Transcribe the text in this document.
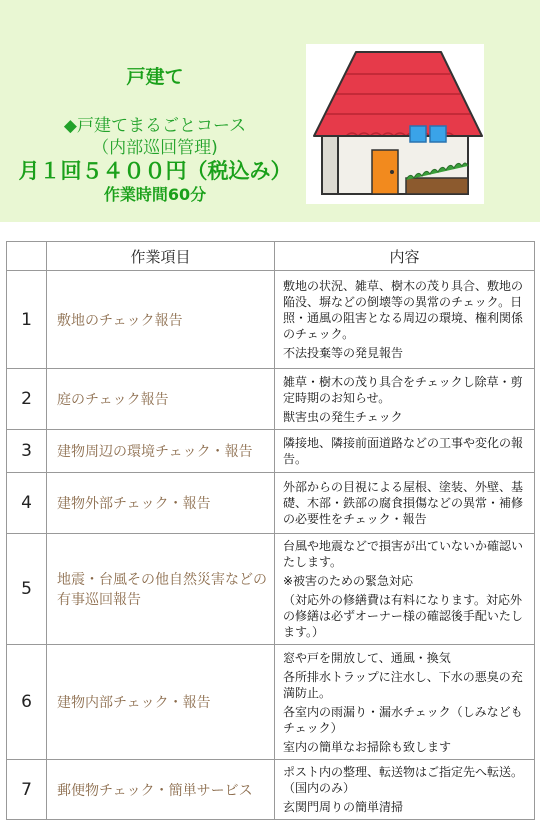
戸建て
◆戸建てまるごとコース
（内部巡回管理)
月１回５４００円（税込み）
作業時間60分
	作業項目	内容
1	敷地のチェック報告	敷地の状況、雑草、樹木の茂り具合、敷地の陥没、塀などの倒壊等の異常のチェック。日照・通風の阻害となる周辺の環境、権利関係のチェック。

不法投棄等の発見報告

2	庭のチェック報告	雑草・樹木の茂り具合をチェックし除草・剪定時期のお知らせ。

獣害虫の発生チェック

3	建物周辺の環境チェック・報告	隣接地、隣接前面道路などの工事や変化の報告。

4	建物外部チェック・報告	外部からの目視による屋根、塗装、外壁、基礎、木部・鉄部の腐食損傷などの異常・補修の必要性をチェック・報告

5	地震・台風その他自然災害などの有事巡回報告	台風や地震などで損害が出ていないか確認いたします。

※被害のための緊急対応

（対応外の修繕費は有料になります。対応外の修繕は必ずオーナー様の確認後手配いたします。）

6	建物内部チェック・報告	窓や戸を開放して、通風・換気

各所排水トラップに注水し、下水の悪臭の充満防止。

各室内の雨漏り・漏水チェック（しみなどもチェック）

室内の簡単なお掃除も致します

7	郵便物チェック・簡単サービス	ポスト内の整理、転送物はご指定先へ転送。（国内のみ）

玄関門周りの簡単清掃
